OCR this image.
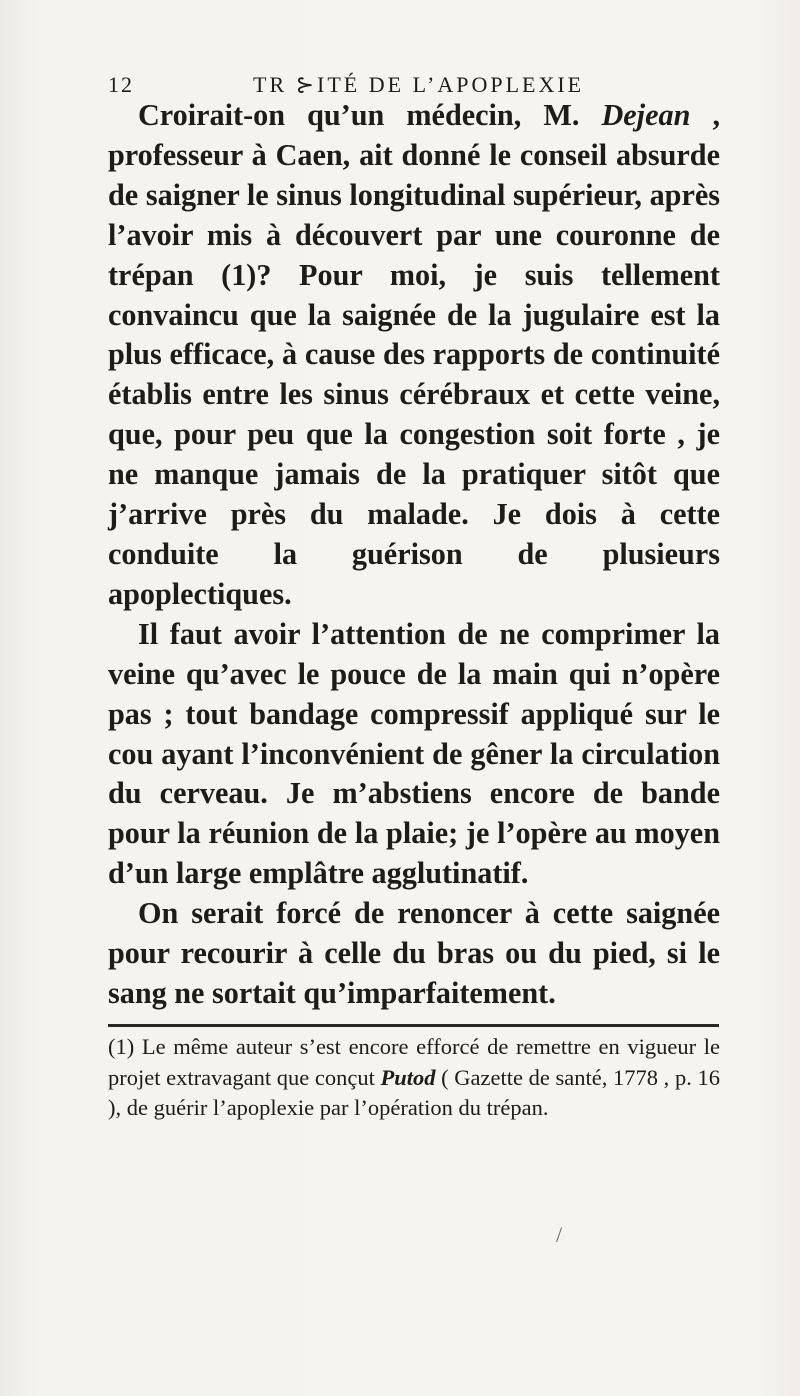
12	TR ⊱ITÉ DE L’APOPLEXIE

Croirait-on qu’un médecin, M. Dejean , professeur à Caen, ait donné le conseil absurde de saigner le sinus longitudinal supérieur, après l’avoir mis à découvert par une couronne de trépan (1)? Pour moi, je suis tellement convaincu que la saignée de la jugulaire est la plus efficace, à cause des rapports de continuité établis entre les sinus cérébraux et cette veine, que, pour peu que la congestion soit forte , je ne manque jamais de la pratiquer sitôt que j’arrive près du malade. Je dois à cette conduite la guérison de plusieurs apoplectiques.

Il faut avoir l’attention de ne comprimer la veine qu’avec le pouce de la main qui n’opère pas ; tout bandage compressif appliqué sur le cou ayant l’inconvénient de gêner la circulation du cerveau. Je m’abstiens encore de bande pour la réunion de la plaie; je l’opère au moyen d’un large emplâtre agglutinatif.

On serait forcé de renoncer à cette saignée pour recourir à celle du bras ou du pied, si le sang ne sortait qu’imparfaitement.

(1) Le même auteur s’est encore efforcé de remettre en vigueur le projet extravagant que conçut Putod ( Gazette de santé, 1778 , p. 16 ), de guérir l’apoplexie par l’opération du trépan.

/
